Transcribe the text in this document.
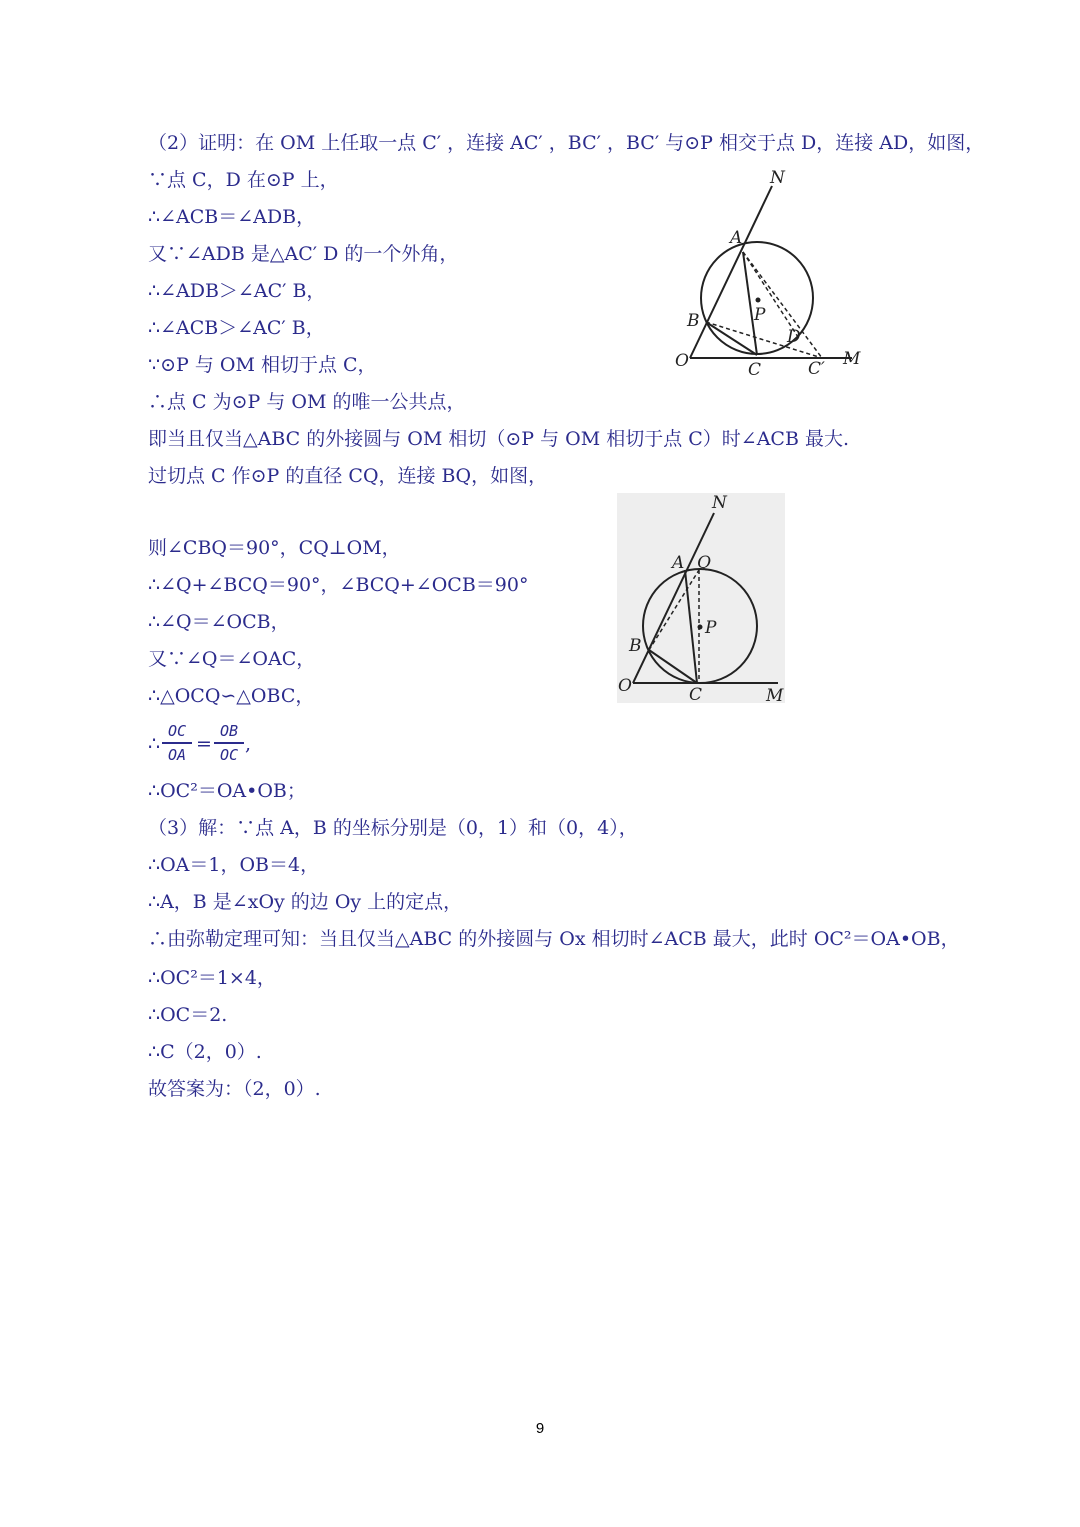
（2）证明：在 OM 上任取一点 C′ ，连接 AC′ ，BC′ ，BC′ 与⊙P 相交于点 D，连接 AD，如图，

∵点 C，D 在⊙P 上，

∴∠ACB＝∠ADB，

又∵∠ADB 是△AC′ D 的一个外角，

∴∠ADB＞∠AC′ B，

∴∠ACB＞∠AC′ B，

∵⊙P 与 OM 相切于点 C，

∴点 C 为⊙P 与 OM 的唯一公共点，

即当且仅当△ABC 的外接圆与 OM 相切（⊙P 与 OM 相切于点 C）时∠ACB 最大.

过切点 C 作⊙P 的直径 CQ，连接 BQ，如图，

则∠CBQ＝90°，CQ⊥OM，

∴∠Q+∠BCQ＝90°，∠BCQ+∠OCB＝90°

∴∠Q＝∠OCB，

又∵∠Q＝∠OAC，

∴△OCQ∽△OBC，

∴
OC
OA =
OB
OC ,

∴OC²＝OA•OB；

（3）解：∵点 A，B 的坐标分别是（0，1）和（0，4），

∴OA＝1，OB＝4，

∴A，B 是∠xOy 的边 Oy 上的定点，

∴由弥勒定理可知：当且仅当△ABC 的外接圆与 Ox 相切时∠ACB 最大，此时 OC²＝OA•OB，

∴OC²＝1×4，

∴OC＝2.

∴C（2，0）.

故答案为：（2，0）.

N
A
P
B
D
O	C	C′ M
N
A Q
P
B
O	C	M
9
